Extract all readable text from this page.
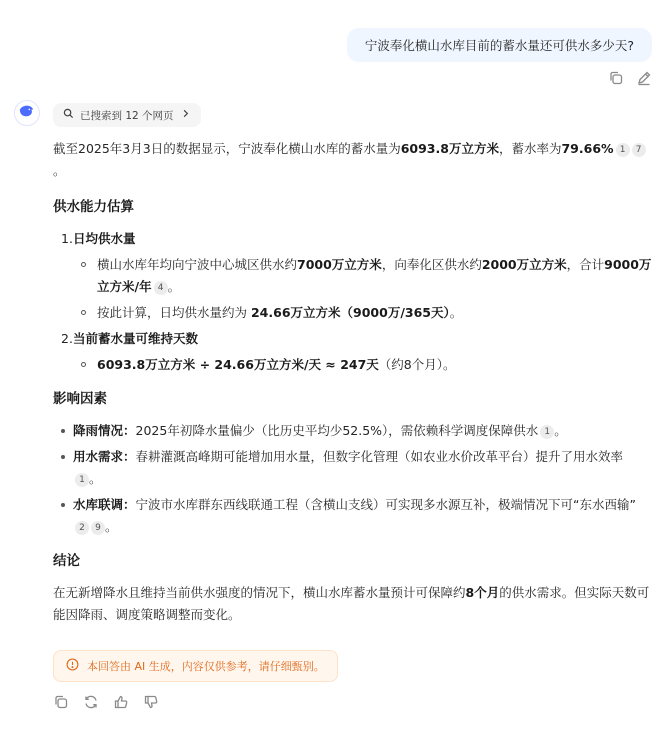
宁波奉化横山水库目前的蓄水量还可供水多少天?
已搜索到 12 个网页

截至2025年3月3日的数据显示，宁波奉化横山水库的蓄水量为6093.8万立方米，蓄水率为79.66% 1 7
。

供水能力估算
1. 日均供水量
横山水库年均向宁波中心城区供水约7000万立方米，向奉化区供水约2000万立方米，合计9000万立方米/年 4 。
按此计算，日均供水量约为 24.66万立方米（9000万/365天）。
2. 当前蓄水量可维持天数
6093.8万立方米 ÷ 24.66万立方米/天 ≈ 247天（约8个月）。
影响因素
降雨情况：2025年初降水量偏少（比历史平均少52.5%），需依赖科学调度保障供水 1 。
用水需求：春耕灌溉高峰期可能增加用水量，但数字化管理（如农业水价改革平台）提升了用水效率
1 。
水库联调：宁波市水库群东西线联通工程（含横山支线）可实现多水源互补，极端情况下可“东水西输”
2 9 。
结论

在无新增降水且维持当前供水强度的情况下，横山水库蓄水量预计可保障约8个月的供水需求。但实际天数可能因降雨、调度策略调整而变化。

本回答由 AI 生成，内容仅供参考，请仔细甄别。
